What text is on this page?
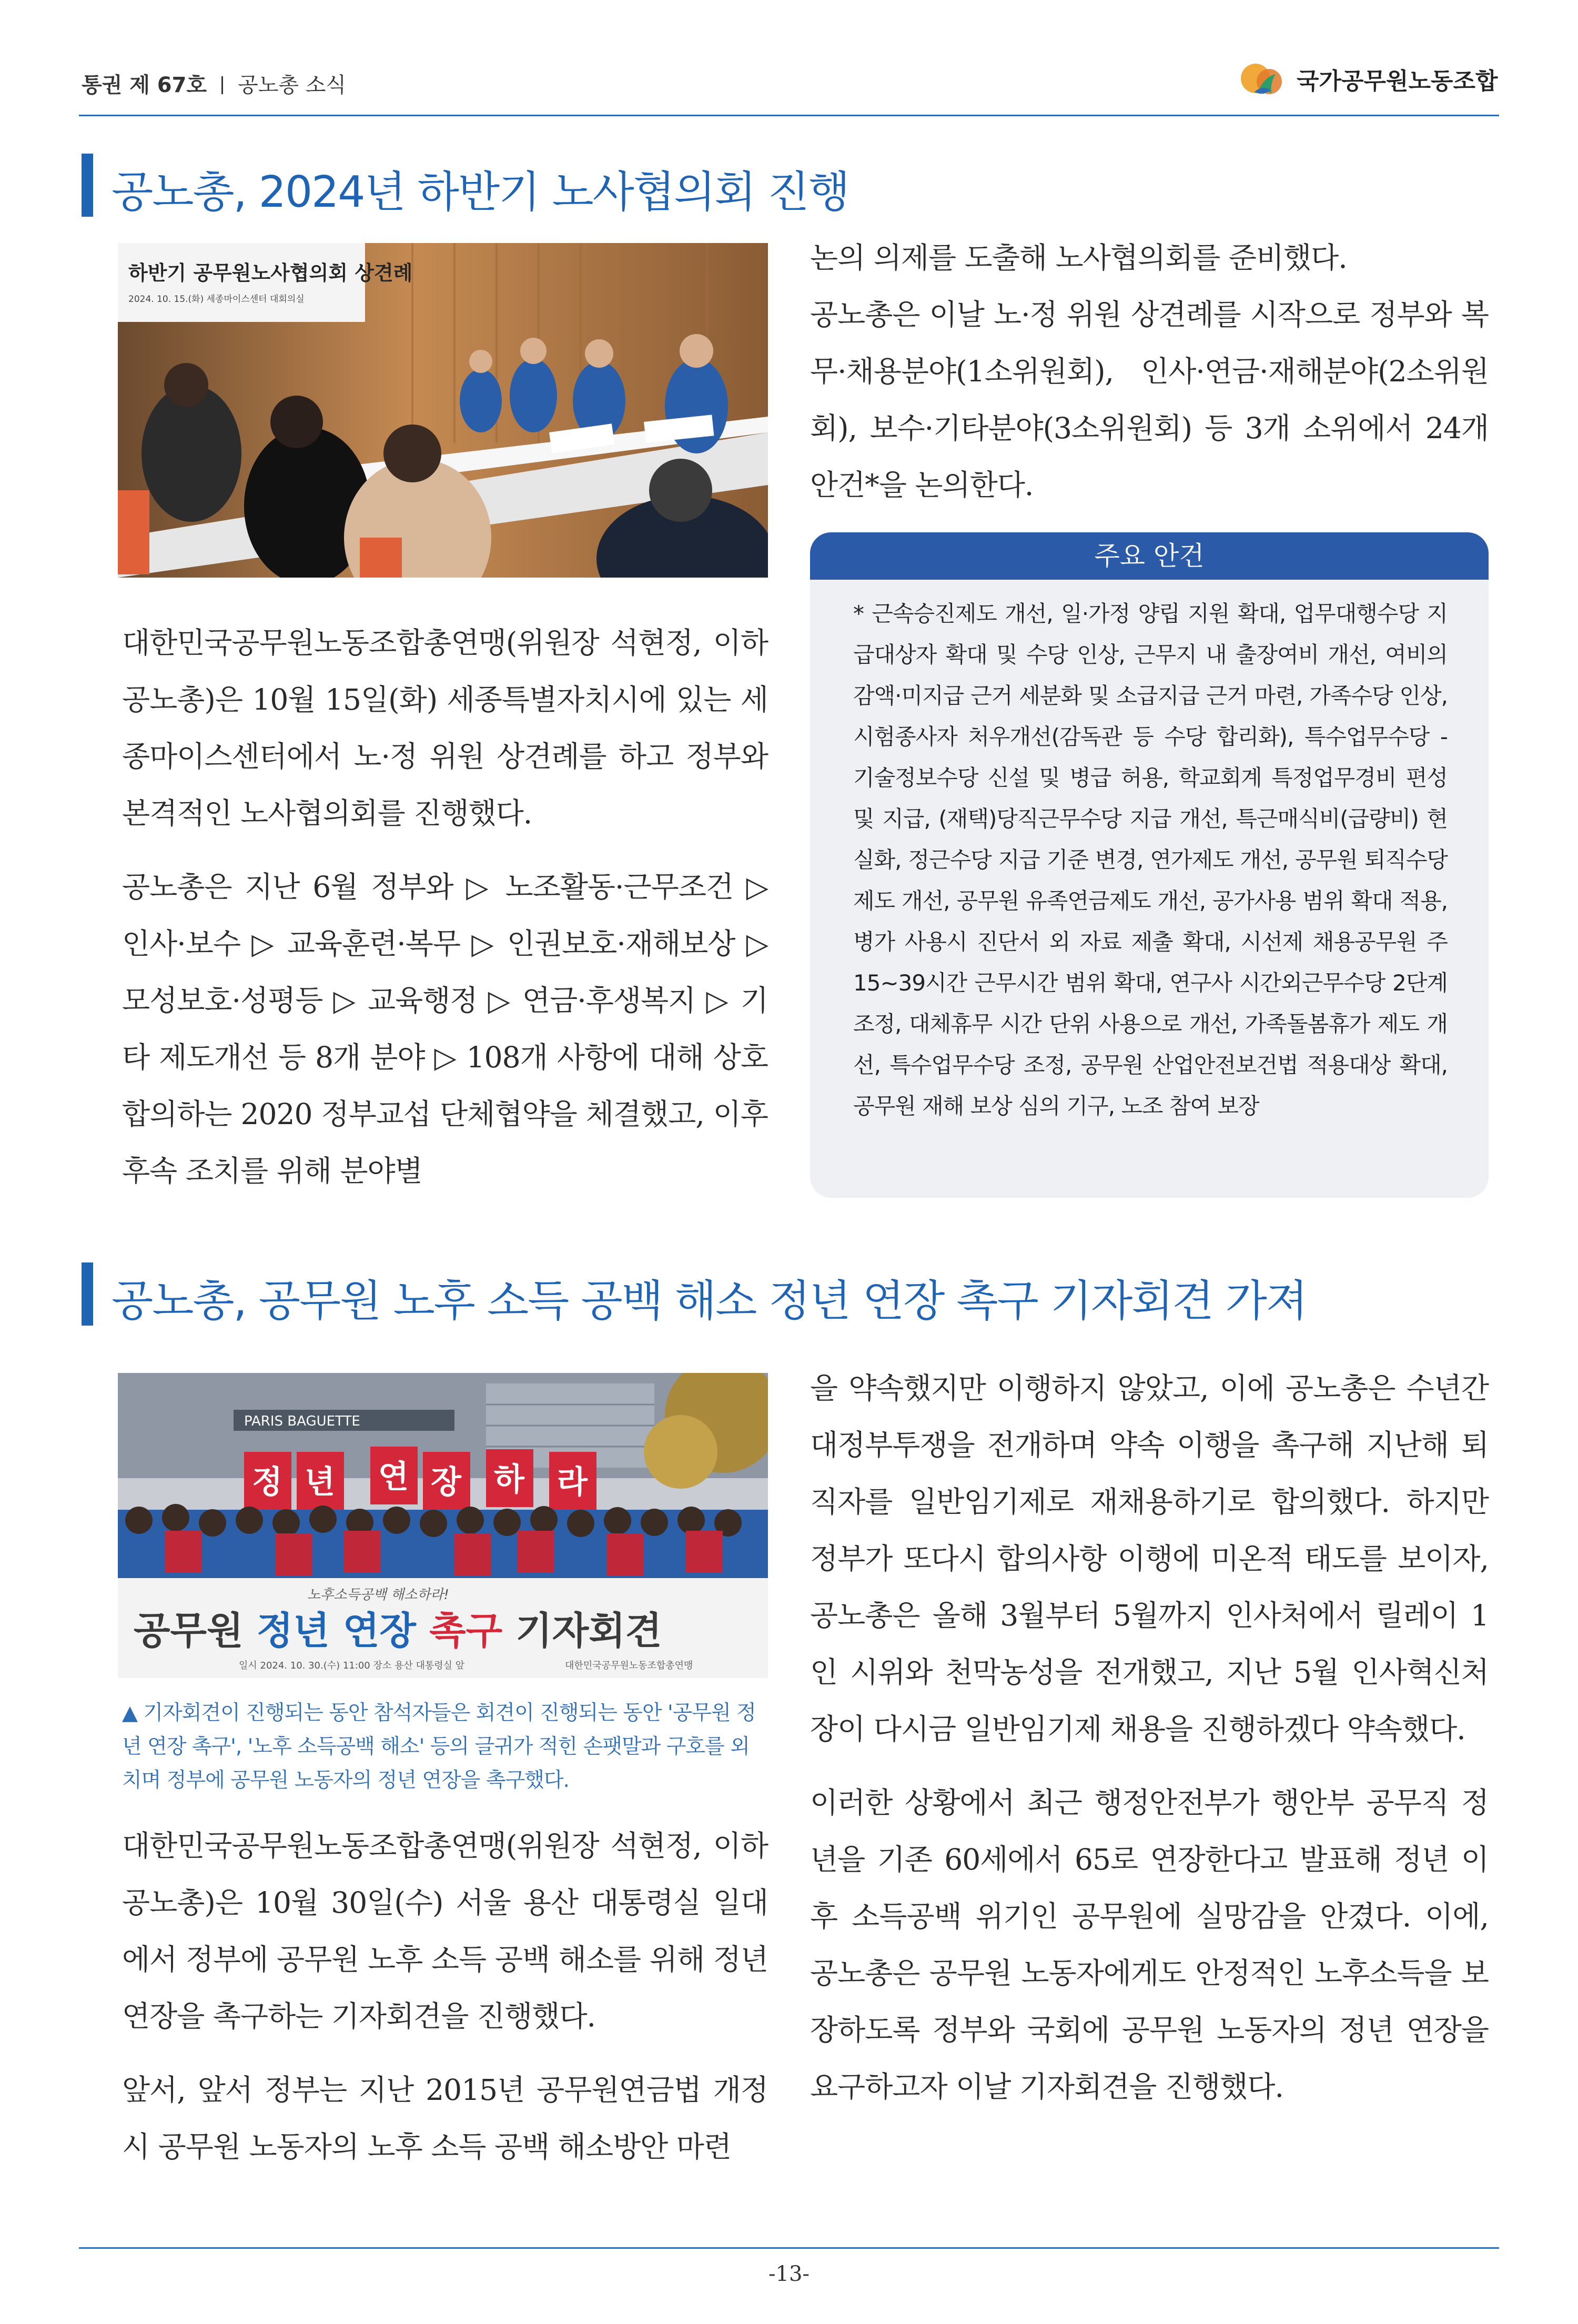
통권 제 67호 공노총 소식	국가공무원노동조합
공노총, 2024년 하반기 노사협의회 진행
하반기 공무원노사협의회 상견례
2024. 10. 15.(화) 세종마이스센터 대회의실

대한민국공무원노동조합총연맹(위원장 석현정, 이하 공노총)은 10월 15일(화) 세종특별자치시에 있는 세종마이스센터에서 노·정 위원 상견례를 하고 정부와 본격적인 노사협의회를 진행했다.

공노총은 지난 6월 정부와 ▷ 노조활동·근무조건 ▷ 인사·보수 ▷ 교육훈련·복무 ▷ 인권보호·재해보상 ▷ 모성보호·성평등 ▷ 교육행정 ▷ 연금·후생복지 ▷ 기타 제도개선 등 8개 분야 ▷ 108개 사항에 대해 상호 합의하는 2020 정부교섭 단체협약을 체결했고, 이후 후속 조치를 위해 분야별

논의 의제를 도출해 노사협의회를 준비했다.

공노총은 이날 노·정 위원 상견례를 시작으로 정부와 복무·채용분야(1소위원회), 인사·연금·재해분야(2소위원회), 보수·기타분야(3소위원회) 등 3개 소위에서 24개 안건*을 논의한다.

주요 안건
* 근속승진제도 개선, 일·가정 양립 지원 확대, 업무대행수당 지급대상자 확대 및 수당 인상, 근무지 내 출장여비 개선, 여비의 감액·미지급 근거 세분화 및 소급지급 근거 마련, 가족수당 인상, 시험종사자 처우개선(감독관 등 수당 합리화), 특수업무수당 - 기술정보수당 신설 및 병급 허용, 학교회계 특정업무경비 편성 및 지급, (재택)당직근무수당 지급 개선, 특근매식비(급량비) 현실화, 정근수당 지급 기준 변경, 연가제도 개선, 공무원 퇴직수당제도 개선, 공무원 유족연금제도 개선, 공가사용 범위 확대 적용, 병가 사용시 진단서 외 자료 제출 확대, 시선제 채용공무원 주15~39시간 근무시간 범위 확대, 연구사 시간외근무수당 2단계 조정, 대체휴무 시간 단위 사용으로 개선, 가족돌봄휴가 제도 개선, 특수업무수당 조정, 공무원 산업안전보건법 적용대상 확대, 공무원 재해 보상 심의 기구, 노조 참여 보장
공노총, 공무원 노후 소득 공백 해소 정년 연장 촉구 기자회견 가져
PARIS BAGUETTE
정 년 연 장 하 라
노후소득공백 해소하라!
공무원 정년 연장 촉구 기자회견
일시 2024. 10. 30.(수) 11:00 장소 용산 대통령실 앞	대한민국공무원노동조합총연맹
▲ 기자회견이 진행되는 동안 참석자들은 회견이 진행되는 동안 '공무원 정년 연장 촉구', '노후 소득공백 해소' 등의 글귀가 적힌 손팻말과 구호를 외치며 정부에 공무원 노동자의 정년 연장을 촉구했다.

대한민국공무원노동조합총연맹(위원장 석현정, 이하 공노총)은 10월 30일(수) 서울 용산 대통령실 일대에서 정부에 공무원 노후 소득 공백 해소를 위해 정년 연장을 촉구하는 기자회견을 진행했다.

앞서, 앞서 정부는 지난 2015년 공무원연금법 개정 시 공무원 노동자의 노후 소득 공백 해소방안 마련

을 약속했지만 이행하지 않았고, 이에 공노총은 수년간 대정부투쟁을 전개하며 약속 이행을 촉구해 지난해 퇴직자를 일반임기제로 재채용하기로 합의했다. 하지만 정부가 또다시 합의사항 이행에 미온적 태도를 보이자, 공노총은 올해 3월부터 5월까지 인사처에서 릴레이 1인 시위와 천막농성을 전개했고, 지난 5월 인사혁신처장이 다시금 일반임기제 채용을 진행하겠다 약속했다.

이러한 상황에서 최근 행정안전부가 행안부 공무직 정년을 기존 60세에서 65로 연장한다고 발표해 정년 이후 소득공백 위기인 공무원에 실망감을 안겼다. 이에, 공노총은 공무원 노동자에게도 안정적인 노후소득을 보장하도록 정부와 국회에 공무원 노동자의 정년 연장을 요구하고자 이날 기자회견을 진행했다.

-13-
